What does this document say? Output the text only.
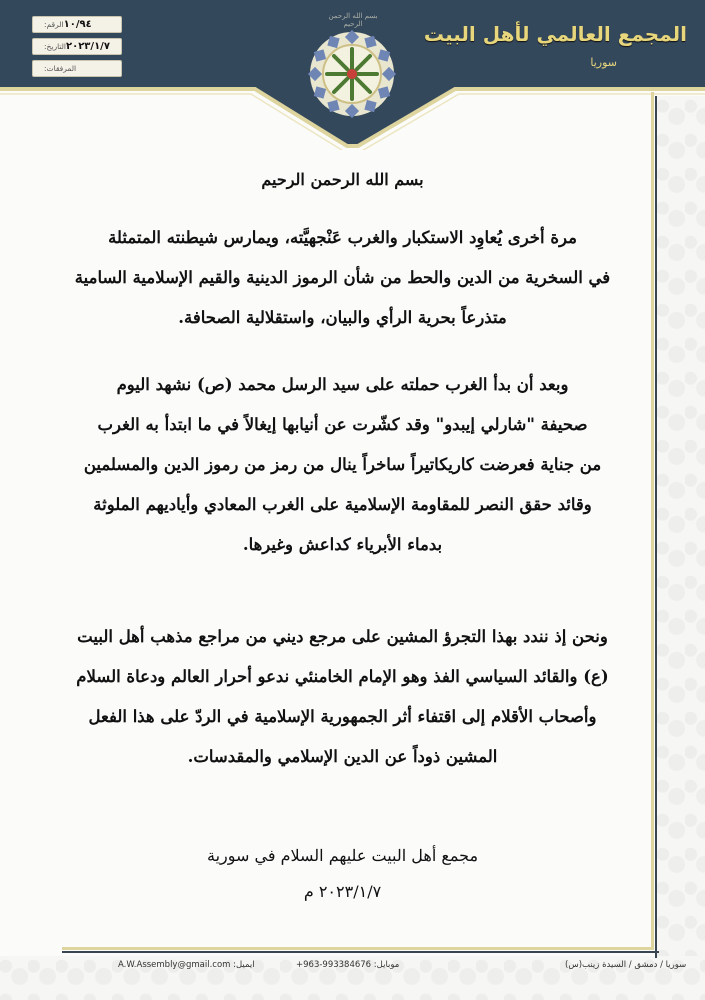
بسم الله الرحمن الرحيم
الرقم: ١٠/٩٤
التاريخ: ٢٠٢٣/١/٧
المرفقات:
المجمع العالمي لأهل البيت
سوريا
بسم الله الرحمن الرحيم
مرة أخرى يُعاوِد الاستكبار والغرب عَنْجهيَّته، ويمارس شيطنته المتمثلة
في السخرية من الدين والحط من شأن الرموز الدينية والقيم الإسلامية السامية
متذرعاً بحرية الرأي والبيان، واستقلالية الصحافة.
وبعد أن بدأ الغرب حملته على سيد الرسل محمد (ص) نشهد اليوم
صحيفة "شارلي إيبدو" وقد كشّرت عن أنيابها إيغالاً في ما ابتدأ به الغرب
من جناية فعرضت كاريكاتيراً ساخراً ينال من رمز من رموز الدين والمسلمين
وقائد حقق النصر للمقاومة الإسلامية على الغرب المعادي وأياديهم الملوثة
بدماء الأبرياء كداعش وغيرها.
ونحن إذ نندد بهذا التجرؤ المشين على مرجع ديني من مراجع مذهب أهل البيت
(ع) والقائد السياسي الفذ وهو الإمام الخامنئي ندعو أحرار العالم ودعاة السلام
وأصحاب الأقلام إلى اقتفاء أثر الجمهورية الإسلامية في الردّ على هذا الفعل
المشين ذوداً عن الدين الإسلامي والمقدسات.
مجمع أهل البيت عليهم السلام في سورية
٢٠٢٣/١/٧ م
A.W.Assembly@gmail.com :ايميل	+963-993384676 :موبايل	سوريا / دمشق / السيدة زينب(س)
